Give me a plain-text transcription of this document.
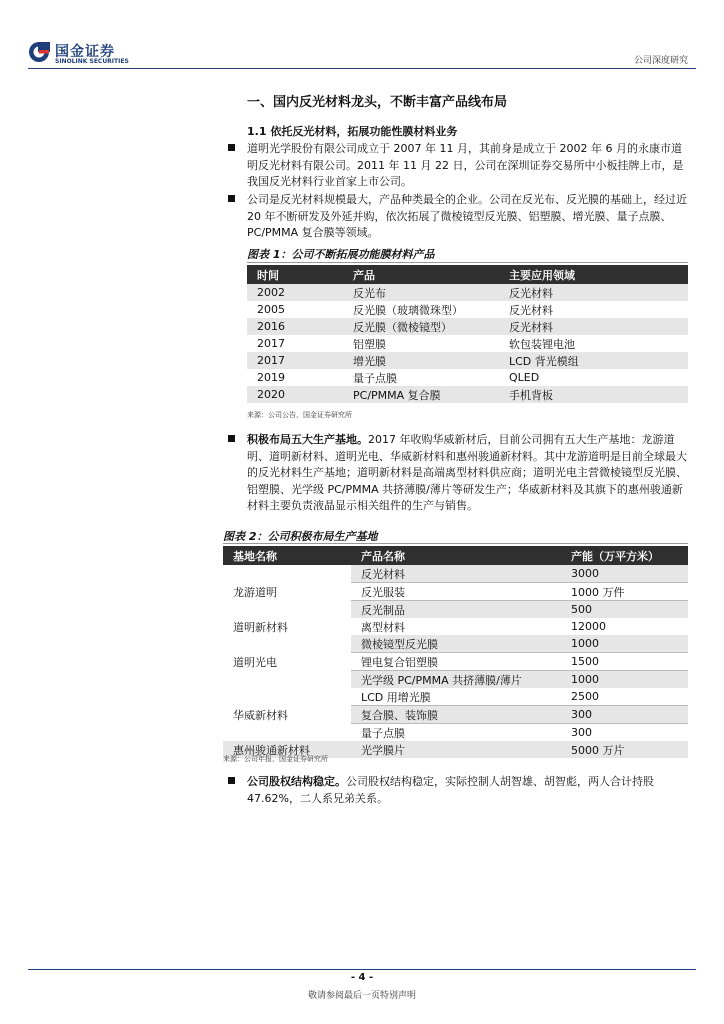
国金证券
SINOLINK SECURITIES	公司深度研究
一、国内反光材料龙头，不断丰富产品线布局
1.1 依托反光材料，拓展功能性膜材料业务
道明光学股份有限公司成立于 2007 年 11 月，其前身是成立于 2002 年 6 月的永康市道明反光材料有限公司。2011 年 11 月 22 日，公司在深圳证券交易所中小板挂牌上市，是我国反光材料行业首家上市公司。
公司是反光材料规模最大，产品种类最全的企业。公司在反光布、反光膜的基础上，经过近 20 年不断研发及外延并购，依次拓展了微棱镜型反光膜、铝塑膜、增光膜、量子点膜、PC/PMMA 复合膜等领域。
图表 1：公司不断拓展功能膜材料产品
时间	产品	主要应用领域
2002	反光布	反光材料
2005	反光膜（玻璃微珠型）	反光材料
2016	反光膜（微棱镜型）	反光材料
2017	铝塑膜	软包装锂电池
2017	增光膜	LCD 背光模组
2019	量子点膜	QLED
2020	PC/PMMA 复合膜	手机背板
来源：公司公告，国金证券研究所
积极布局五大生产基地。2017 年收购华威新材后，目前公司拥有五大生产基地：龙游道明、道明新材料、道明光电、华威新材料和惠州骏通新材料。其中龙游道明是目前全球最大的反光材料生产基地；道明新材料是高端离型材料供应商；道明光电主营微棱镜型反光膜、铝塑膜、光学级 PC/PMMA 共挤薄膜/薄片等研发生产；华威新材料及其旗下的惠州骏通新材料主要负责液晶显示相关组件的生产与销售。
图表 2：公司积极布局生产基地
基地名称	产品名称	产能（万平方米）
龙游道明	反光材料	3000
	反光服装	1000 万件
	反光制品	500
道明新材料	离型材料	12000
道明光电	微棱镜型反光膜	1000
	锂电复合铝塑膜	1500
	光学级 PC/PMMA 共挤薄膜/薄片	1000
华威新材料	LCD 用增光膜	2500
	复合膜、装饰膜	300
	量子点膜	300
惠州骏通新材料	光学膜片	5000 万片
来源：公司年报，国金证券研究所
公司股权结构稳定。公司股权结构稳定，实际控制人胡智雄、胡智彪，两人合计持股 47.62%，二人系兄弟关系。
- 4 -
敬请参阅最后一页特别声明
